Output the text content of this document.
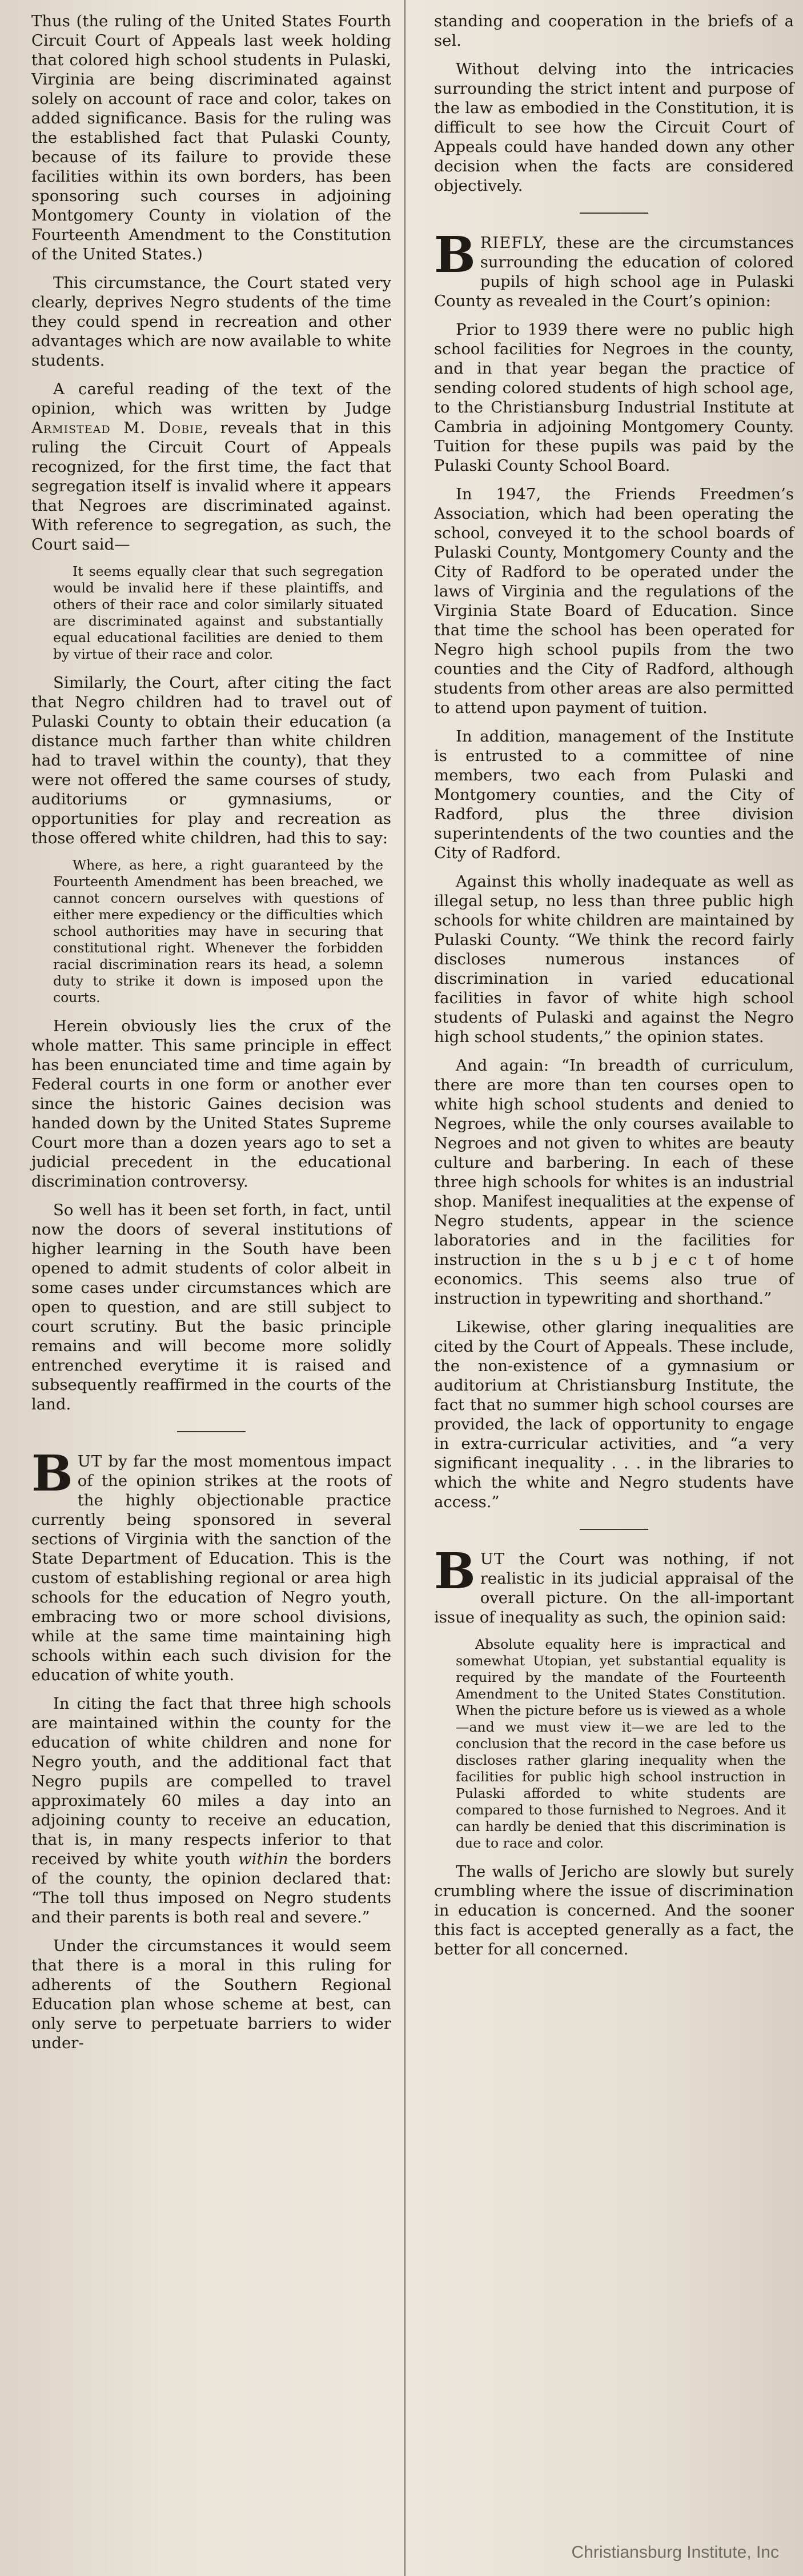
Thus (the ruling of the United States Fourth Circuit Court of Appeals last week holding that colored high school students in Pulaski, Virginia are being discriminated against solely on account of race and color, takes on added significance. Basis for the ruling was the established fact that Pulaski County, because of its failure to provide these facilities within its own borders, has been sponsoring such courses in adjoining Montgomery County in violation of the Fourteenth Amendment to the Constitution of the United States.)

This circumstance, the Court stated very clearly, deprives Negro students of the time they could spend in recreation and other advantages which are now available to white students.

A careful reading of the text of the opinion, which was written by Judge Armistead M. Dobie, reveals that in this ruling the Circuit Court of Appeals recognized, for the first time, the fact that segregation itself is invalid where it appears that Negroes are discriminated against. With reference to segregation, as such, the Court said—

It seems equally clear that such segregation would be invalid here if these plaintiffs, and others of their race and color similarly situated are discriminated against and substantially equal educational facilities are denied to them by virtue of their race and color.

Similarly, the Court, after citing the fact that Negro children had to travel out of Pulaski County to obtain their education (a distance much farther than white children had to travel within the county), that they were not offered the same courses of study, auditoriums or gymnasiums, or opportunities for play and recreation as those offered white children, had this to say:

Where, as here, a right guaranteed by the Fourteenth Amendment has been breached, we cannot concern ourselves with questions of either mere expediency or the difficulties which school authorities may have in securing that constitutional right. Whenever the forbidden racial discrimination rears its head, a solemn duty to strike it down is imposed upon the courts.

Herein obviously lies the crux of the whole matter. This same principle in effect has been enunciated time and time again by Federal courts in one form or another ever since the historic Gaines decision was handed down by the United States Supreme Court more than a dozen years ago to set a judicial precedent in the educational discrimination controversy.

So well has it been set forth, in fact, until now the doors of several institutions of higher learning in the South have been opened to admit students of color albeit in some cases under circumstances which are open to question, and are still subject to court scrutiny. But the basic principle remains and will become more solidly entrenched everytime it is raised and subsequently reaffirmed in the courts of the land.

BUT by far the most momentous impact of the opinion strikes at the roots of the highly objectionable practice currently being sponsored in several sections of Virginia with the sanction of the State Department of Education. This is the custom of establishing regional or area high schools for the education of Negro youth, embracing two or more school divisions, while at the same time maintaining high schools within each such division for the education of white youth.

In citing the fact that three high schools are maintained within the county for the education of white children and none for Negro youth, and the additional fact that Negro pupils are compelled to travel approximately 60 miles a day into an adjoining county to receive an education, that is, in many respects inferior to that received by white youth within the borders of the county, the opinion declared that: “The toll thus imposed on Negro students and their parents is both real and severe.”

Under the circumstances it would seem that there is a moral in this ruling for adherents of the Southern Regional Education plan whose scheme at best, can only serve to perpetuate barriers to wider under-

standing and cooperation in the briefs of a sel.

Without delving into the intricacies surrounding the strict intent and purpose of the law as embodied in the Constitution, it is difficult to see how the Circuit Court of Appeals could have handed down any other decision when the facts are considered objectively.

BRIEFLY, these are the circumstances surrounding the education of colored pupils of high school age in Pulaski County as revealed in the Court’s opinion:

Prior to 1939 there were no public high school facilities for Negroes in the county, and in that year began the practice of sending colored students of high school age, to the Christiansburg Industrial Institute at Cambria in adjoining Montgomery County. Tuition for these pupils was paid by the Pulaski County School Board.

In 1947, the Friends Freedmen’s Association, which had been operating the school, conveyed it to the school boards of Pulaski County, Montgomery County and the City of Radford to be operated under the laws of Virginia and the regulations of the Virginia State Board of Education. Since that time the school has been operated for Negro high school pupils from the two counties and the City of Radford, although students from other areas are also permitted to attend upon payment of tuition.

In addition, management of the Institute is entrusted to a committee of nine members, two each from Pulaski and Montgomery counties, and the City of Radford, plus the three division superintendents of the two counties and the City of Radford.

Against this wholly inadequate as well as illegal setup, no less than three public high schools for white children are maintained by Pulaski County. “We think the record fairly discloses numerous instances of discrimination in varied educational facilities in favor of white high school students of Pulaski and against the Negro high school students,” the opinion states.

And again: “In breadth of curriculum, there are more than ten courses open to white high school students and denied to Negroes, while the only courses available to Negroes and not given to whites are beauty culture and barbering. In each of these three high schools for whites is an industrial shop. Manifest inequalities at the expense of Negro students, appear in the science laboratories and in the facilities for instruction in the s u b j e c t of home economics. This seems also true of instruction in typewriting and shorthand.”

Likewise, other glaring inequalities are cited by the Court of Appeals. These include, the non-existence of a gymnasium or auditorium at Christiansburg Institute, the fact that no summer high school courses are provided, the lack of opportunity to engage in extra-curricular activities, and “a very significant inequality . . . in the libraries to which the white and Negro students have access.”

BUT the Court was nothing, if not realistic in its judicial appraisal of the overall picture. On the all-important issue of inequality as such, the opinion said:

Absolute equality here is impractical and somewhat Utopian, yet substantial equality is required by the mandate of the Fourteenth Amendment to the United States Constitution. When the picture before us is viewed as a whole—and we must view it—we are led to the conclusion that the record in the case before us discloses rather glaring inequality when the facilities for public high school instruction in Pulaski afforded to white students are compared to those furnished to Negroes. And it can hardly be denied that this discrimination is due to race and color.

The walls of Jericho are slowly but surely crumbling where the issue of discrimination in education is concerned. And the sooner this fact is accepted generally as a fact, the better for all concerned.

Christiansburg Institute, Inc
